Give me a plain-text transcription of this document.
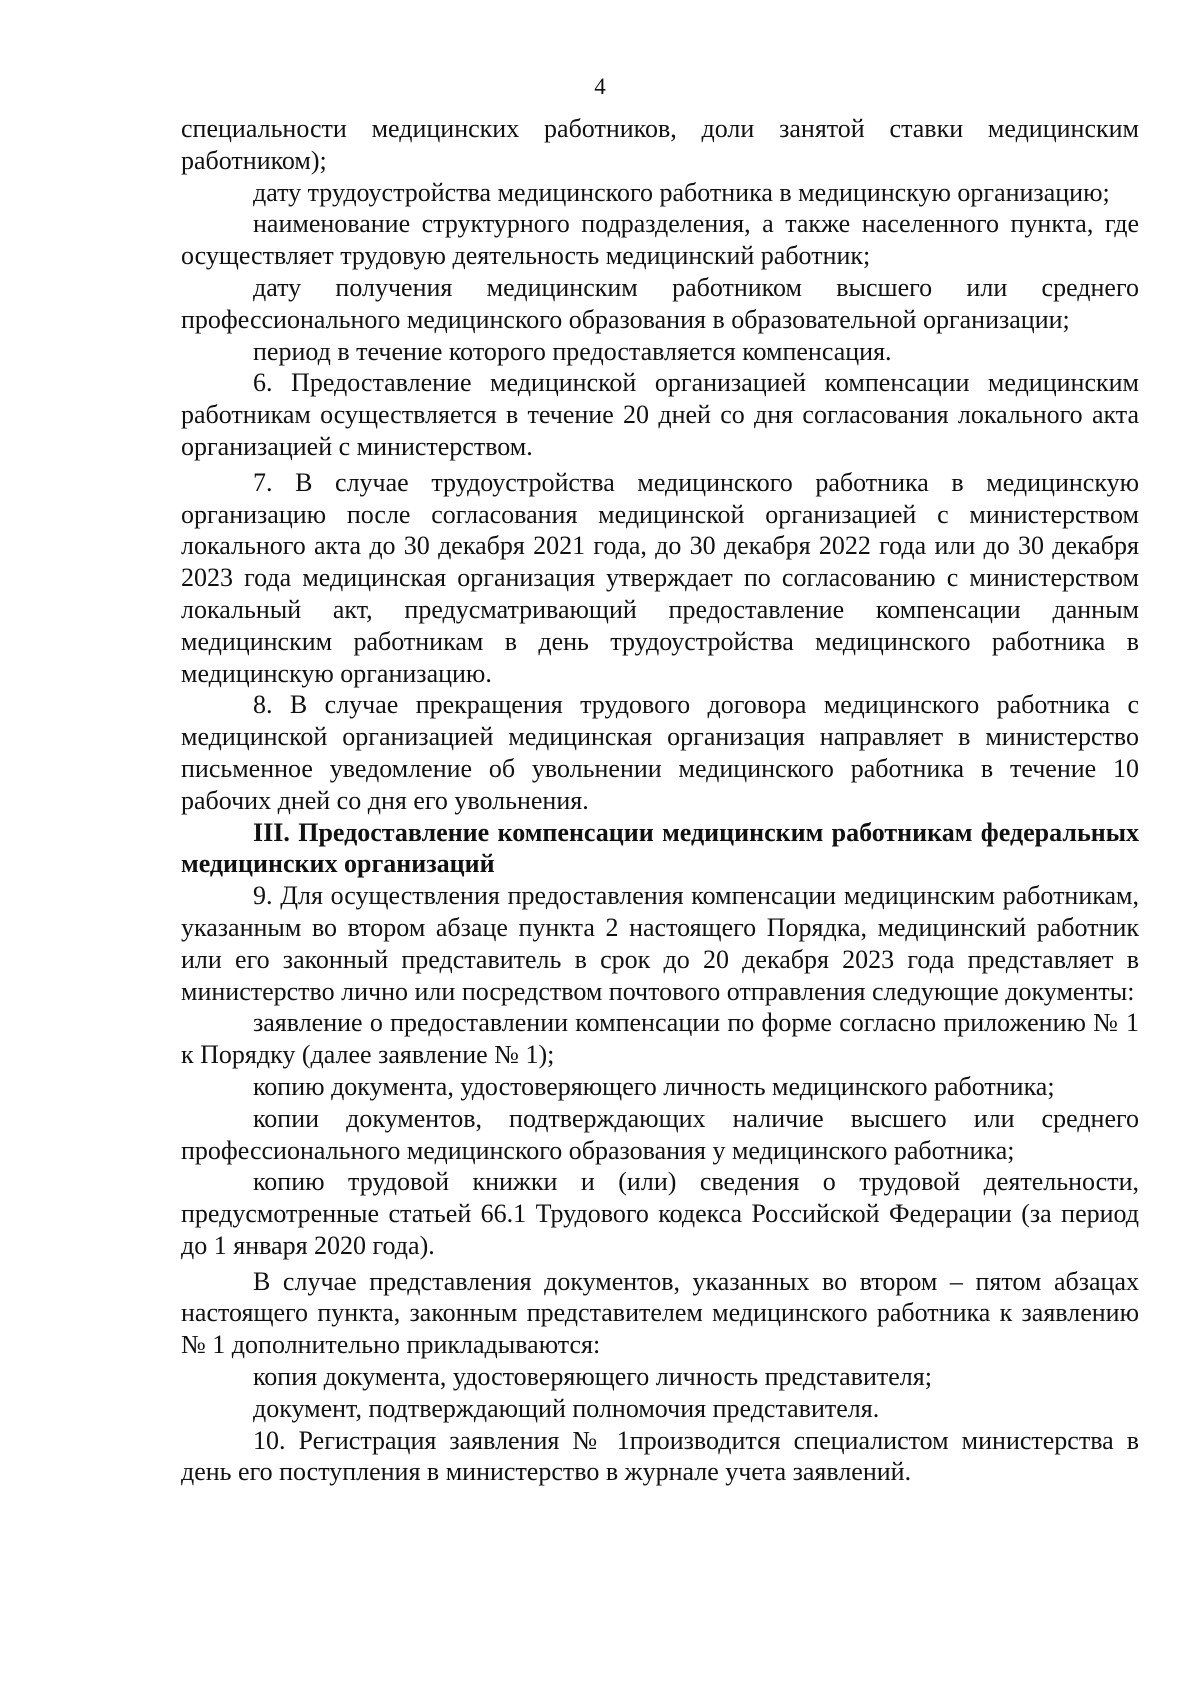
4

специальности медицинских работников, доли занятой ставки медицинским работником);

дату трудоустройства медицинского работника в медицинскую организацию;

наименование структурного подразделения, а также населенного пункта, где осуществляет трудовую деятельность медицинский работник;

дату получения медицинским работником высшего или среднего профессионального медицинского образования в образовательной организации;

период в течение которого предоставляется компенсация.

6. Предоставление медицинской организацией компенсации медицинским работникам осуществляется в течение 20 дней со дня согласования локального акта организацией с министерством.

7. В случае трудоустройства медицинского работника в медицинскую организацию после согласования медицинской организацией с министерством локального акта до 30 декабря 2021 года, до 30 декабря 2022 года или до 30 декабря 2023 года медицинская организация утверждает по согласованию с министерством локальный акт, предусматривающий предоставление компенсации данным медицинским работникам в день трудоустройства медицинского работника в медицинскую организацию.

8. В случае прекращения трудового договора медицинского работника с медицинской организацией медицинская организация направляет в министерство письменное уведомление об увольнении медицинского работника в течение 10 рабочих дней со дня его увольнения.

III. Предоставление компенсации медицинским работникам федеральных медицинских организаций

9. Для осуществления предоставления компенсации медицинским работникам, указанным во втором абзаце пункта 2 настоящего Порядка, медицинский работник или его законный представитель в срок до 20 декабря 2023 года представляет в министерство лично или посредством почтового отправления следующие документы:

заявление о предоставлении компенсации по форме согласно приложению № 1 к Порядку (далее заявление № 1);

копию документа, удостоверяющего личность медицинского работника;

копии документов, подтверждающих наличие высшего или среднего профессионального медицинского образования у медицинского работника;

копию трудовой книжки и (или) сведения о трудовой деятельности, предусмотренные статьей 66.1 Трудового кодекса Российской Федерации (за период до 1 января 2020 года).

В случае представления документов, указанных во втором – пятом абзацах настоящего пункта, законным представителем медицинского работника к заявлению № 1 дополнительно прикладываются:

копия документа, удостоверяющего личность представителя;

документ, подтверждающий полномочия представителя.

10. Регистрация заявления № 1производится специалистом министерства в день его поступления в министерство в журнале учета заявлений.
